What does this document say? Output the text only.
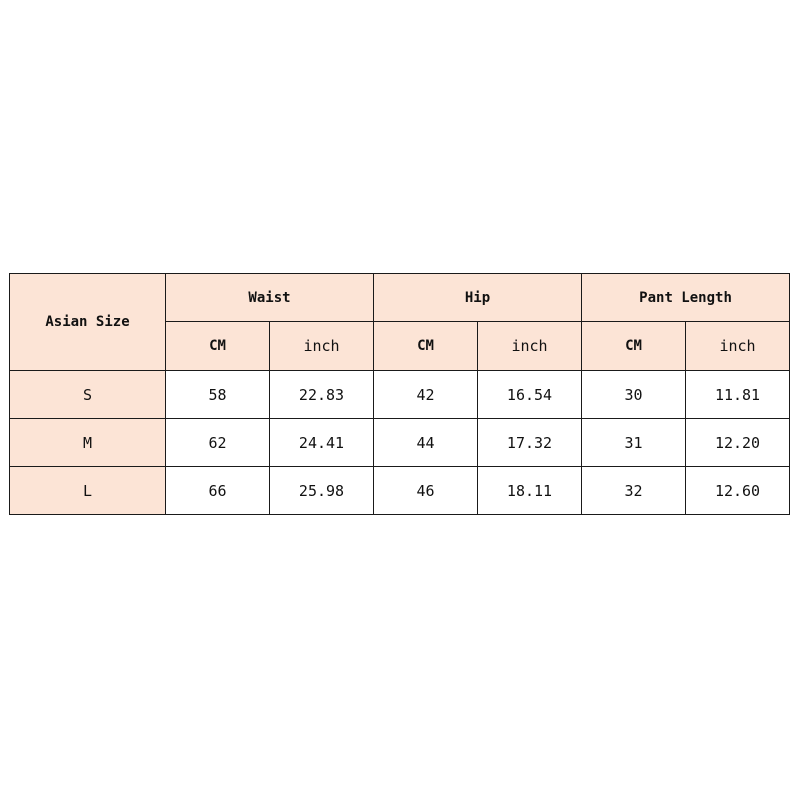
Asian Size	Waist		Hip		Pant Length	
	CM	inch	CM	inch	CM	inch
S	58	22.83	42	16.54	30	11.81
M	62	24.41	44	17.32	31	12.20
L	66	25.98	46	18.11	32	12.60
